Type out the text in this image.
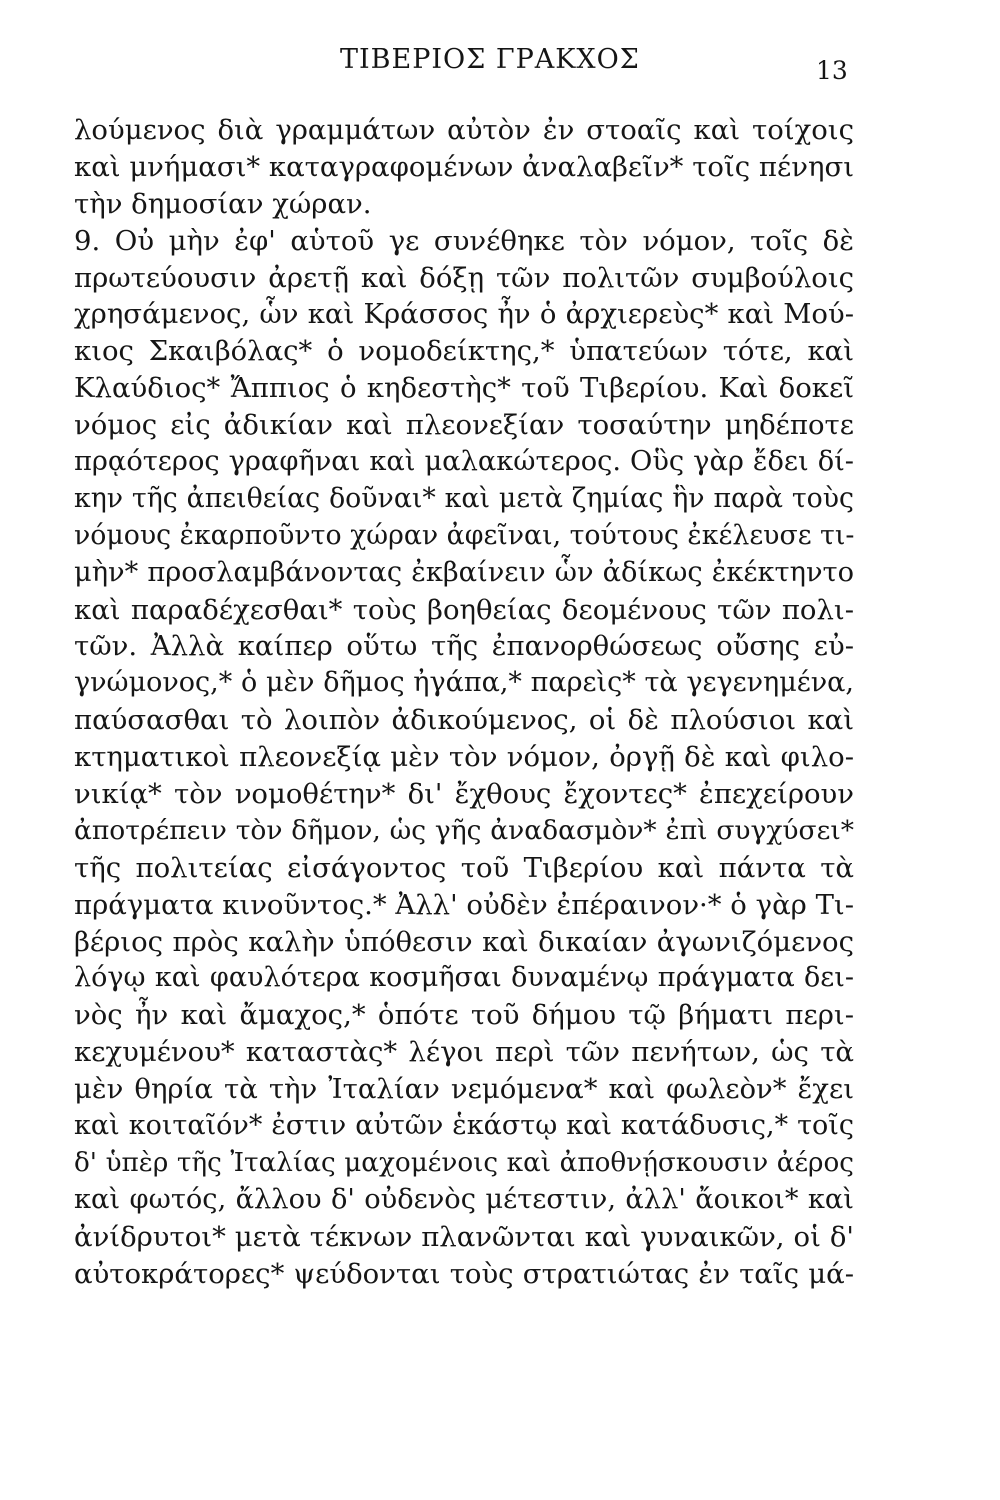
ΤΙΒΕΡΙΟΣ ΓΡΑΚΧΟΣ	13
λούμενος διὰ γραμμάτων αὐτὸν ἐν στοαῖς καὶ τοίχοις
καὶ μνήμασι* καταγραφομένων ἀναλαβεῖν* τοῖς πένησι
τὴν δημοσίαν χώραν.
9. Οὐ μὴν ἐφ' αὑτοῦ γε συνέθηκε τὸν νόμον, τοῖς δὲ
πρωτεύουσιν ἀρετῇ καὶ δόξῃ τῶν πολιτῶν συμβούλοις
χρησάμενος, ὧν καὶ Κράσσος ἦν ὁ ἀρχιερεὺς* καὶ Μού-
κιος Σκαιβόλας* ὁ νομοδείκτης,* ὑπατεύων τότε, καὶ
Κλαύδιος* Ἄππιος ὁ κηδεστὴς* τοῦ Τιβερίου. Καὶ δοκεῖ
νόμος εἰς ἀδικίαν καὶ πλεονεξίαν τοσαύτην μηδέποτε
πρᾳότερος γραφῆναι καὶ μαλακώτερος. Οὓς γὰρ ἔδει δί-
κην τῆς ἀπειθείας δοῦναι* καὶ μετὰ ζημίας ἣν παρὰ τοὺς
νόμους ἐκαρποῦντο χώραν ἀφεῖναι, τούτους ἐκέλευσε τι-
μὴν* προσλαμβάνοντας ἐκβαίνειν ὧν ἀδίκως ἐκέκτηντο
καὶ παραδέχεσθαι* τοὺς βοηθείας δεομένους τῶν πολι-
τῶν. Ἀλλὰ καίπερ οὕτω τῆς ἐπανορθώσεως οὔσης εὐ-
γνώμονος,* ὁ μὲν δῆμος ἠγάπα,* παρεὶς* τὰ γεγενημένα,
παύσασθαι τὸ λοιπὸν ἀδικούμενος, οἱ δὲ πλούσιοι καὶ
κτηματικοὶ πλεονεξίᾳ μὲν τὸν νόμον, ὀργῇ δὲ καὶ φιλο-
νικίᾳ* τὸν νομοθέτην* δι' ἔχθους ἔχοντες* ἐπεχείρουν
ἀποτρέπειν τὸν δῆμον, ὡς γῆς ἀναδασμὸν* ἐπὶ συγχύσει*
τῆς πολιτείας εἰσάγοντος τοῦ Τιβερίου καὶ πάντα τὰ
πράγματα κινοῦντος.* Ἀλλ' οὐδὲν ἐπέραινον·* ὁ γὰρ Τι-
βέριος πρὸς καλὴν ὑπόθεσιν καὶ δικαίαν ἀγωνιζόμενος
λόγῳ καὶ φαυλότερα κοσμῆσαι δυναμένῳ πράγματα δει-
νὸς ἦν καὶ ἄμαχος,* ὁπότε τοῦ δήμου τῷ βήματι περι-
κεχυμένου* καταστὰς* λέγοι περὶ τῶν πενήτων, ὡς τὰ
μὲν θηρία τὰ τὴν Ἰταλίαν νεμόμενα* καὶ φωλεὸν* ἔχει
καὶ κοιταῖόν* ἐστιν αὐτῶν ἑκάστῳ καὶ κατάδυσις,* τοῖς
δ' ὑπὲρ τῆς Ἰταλίας μαχομένοις καὶ ἀποθνῄσκουσιν ἀέρος
καὶ φωτός, ἄλλου δ' οὐδενὸς μέτεστιν, ἀλλ' ἄοικοι* καὶ
ἀνίδρυτοι* μετὰ τέκνων πλανῶνται καὶ γυναικῶν, οἱ δ'
αὐτοκράτορες* ψεύδονται τοὺς στρατιώτας ἐν ταῖς μά-
